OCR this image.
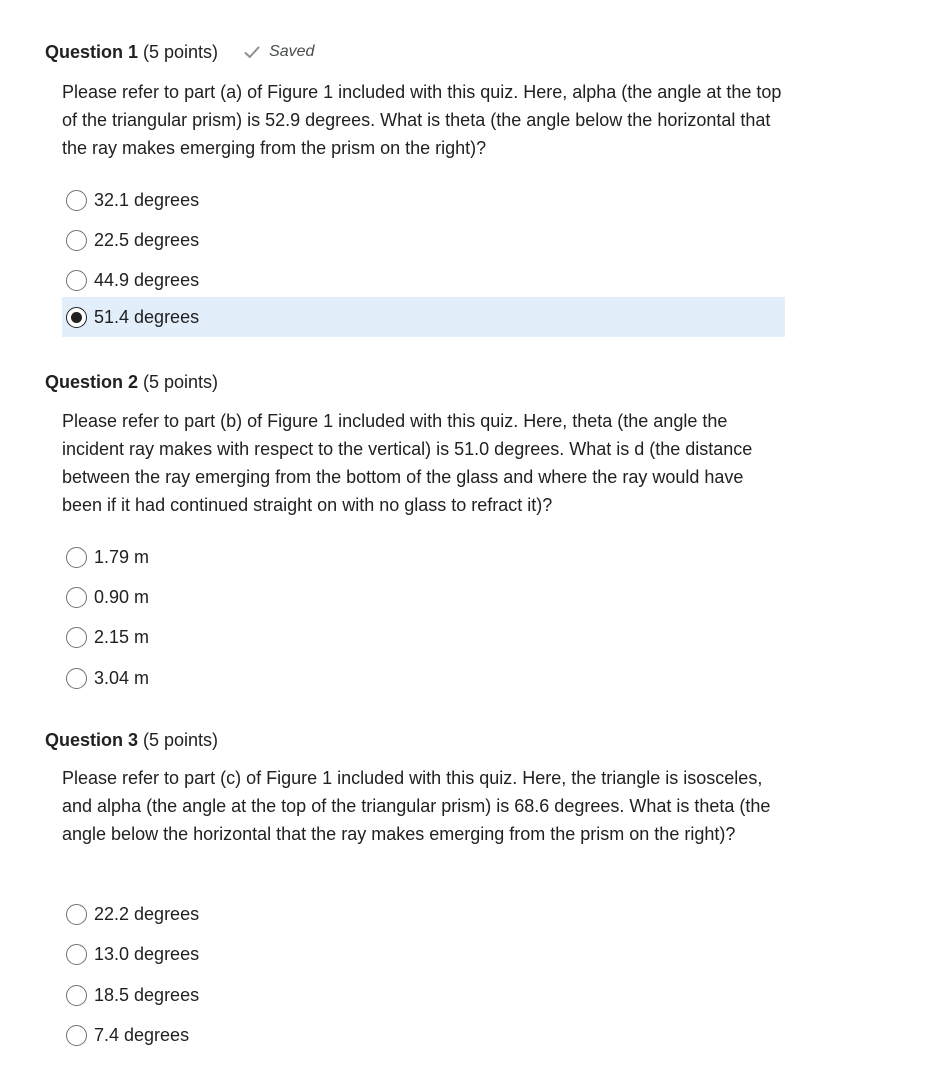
Question 1 (5 points)	Saved

Please refer to part (a) of Figure 1 included with this quiz. Here, alpha (the angle at the top of the triangular prism) is 52.9 degrees. What is theta (the angle below the horizontal that the ray makes emerging from the prism on the right)?

32.1 degrees
22.5 degrees
44.9 degrees
51.4 degrees
Question 2 (5 points)

Please refer to part (b) of Figure 1 included with this quiz. Here, theta (the angle the incident ray makes with respect to the vertical) is 51.0 degrees. What is d (the distance between the ray emerging from the bottom of the glass and where the ray would have been if it had continued straight on with no glass to refract it)?

1.79 m
0.90 m
2.15 m
3.04 m
Question 3 (5 points)

Please refer to part (c) of Figure 1 included with this quiz. Here, the triangle is isosceles, and alpha (the angle at the top of the triangular prism) is 68.6 degrees. What is theta (the angle below the horizontal that the ray makes emerging from the prism on the right)?

22.2 degrees
13.0 degrees
18.5 degrees
7.4 degrees
